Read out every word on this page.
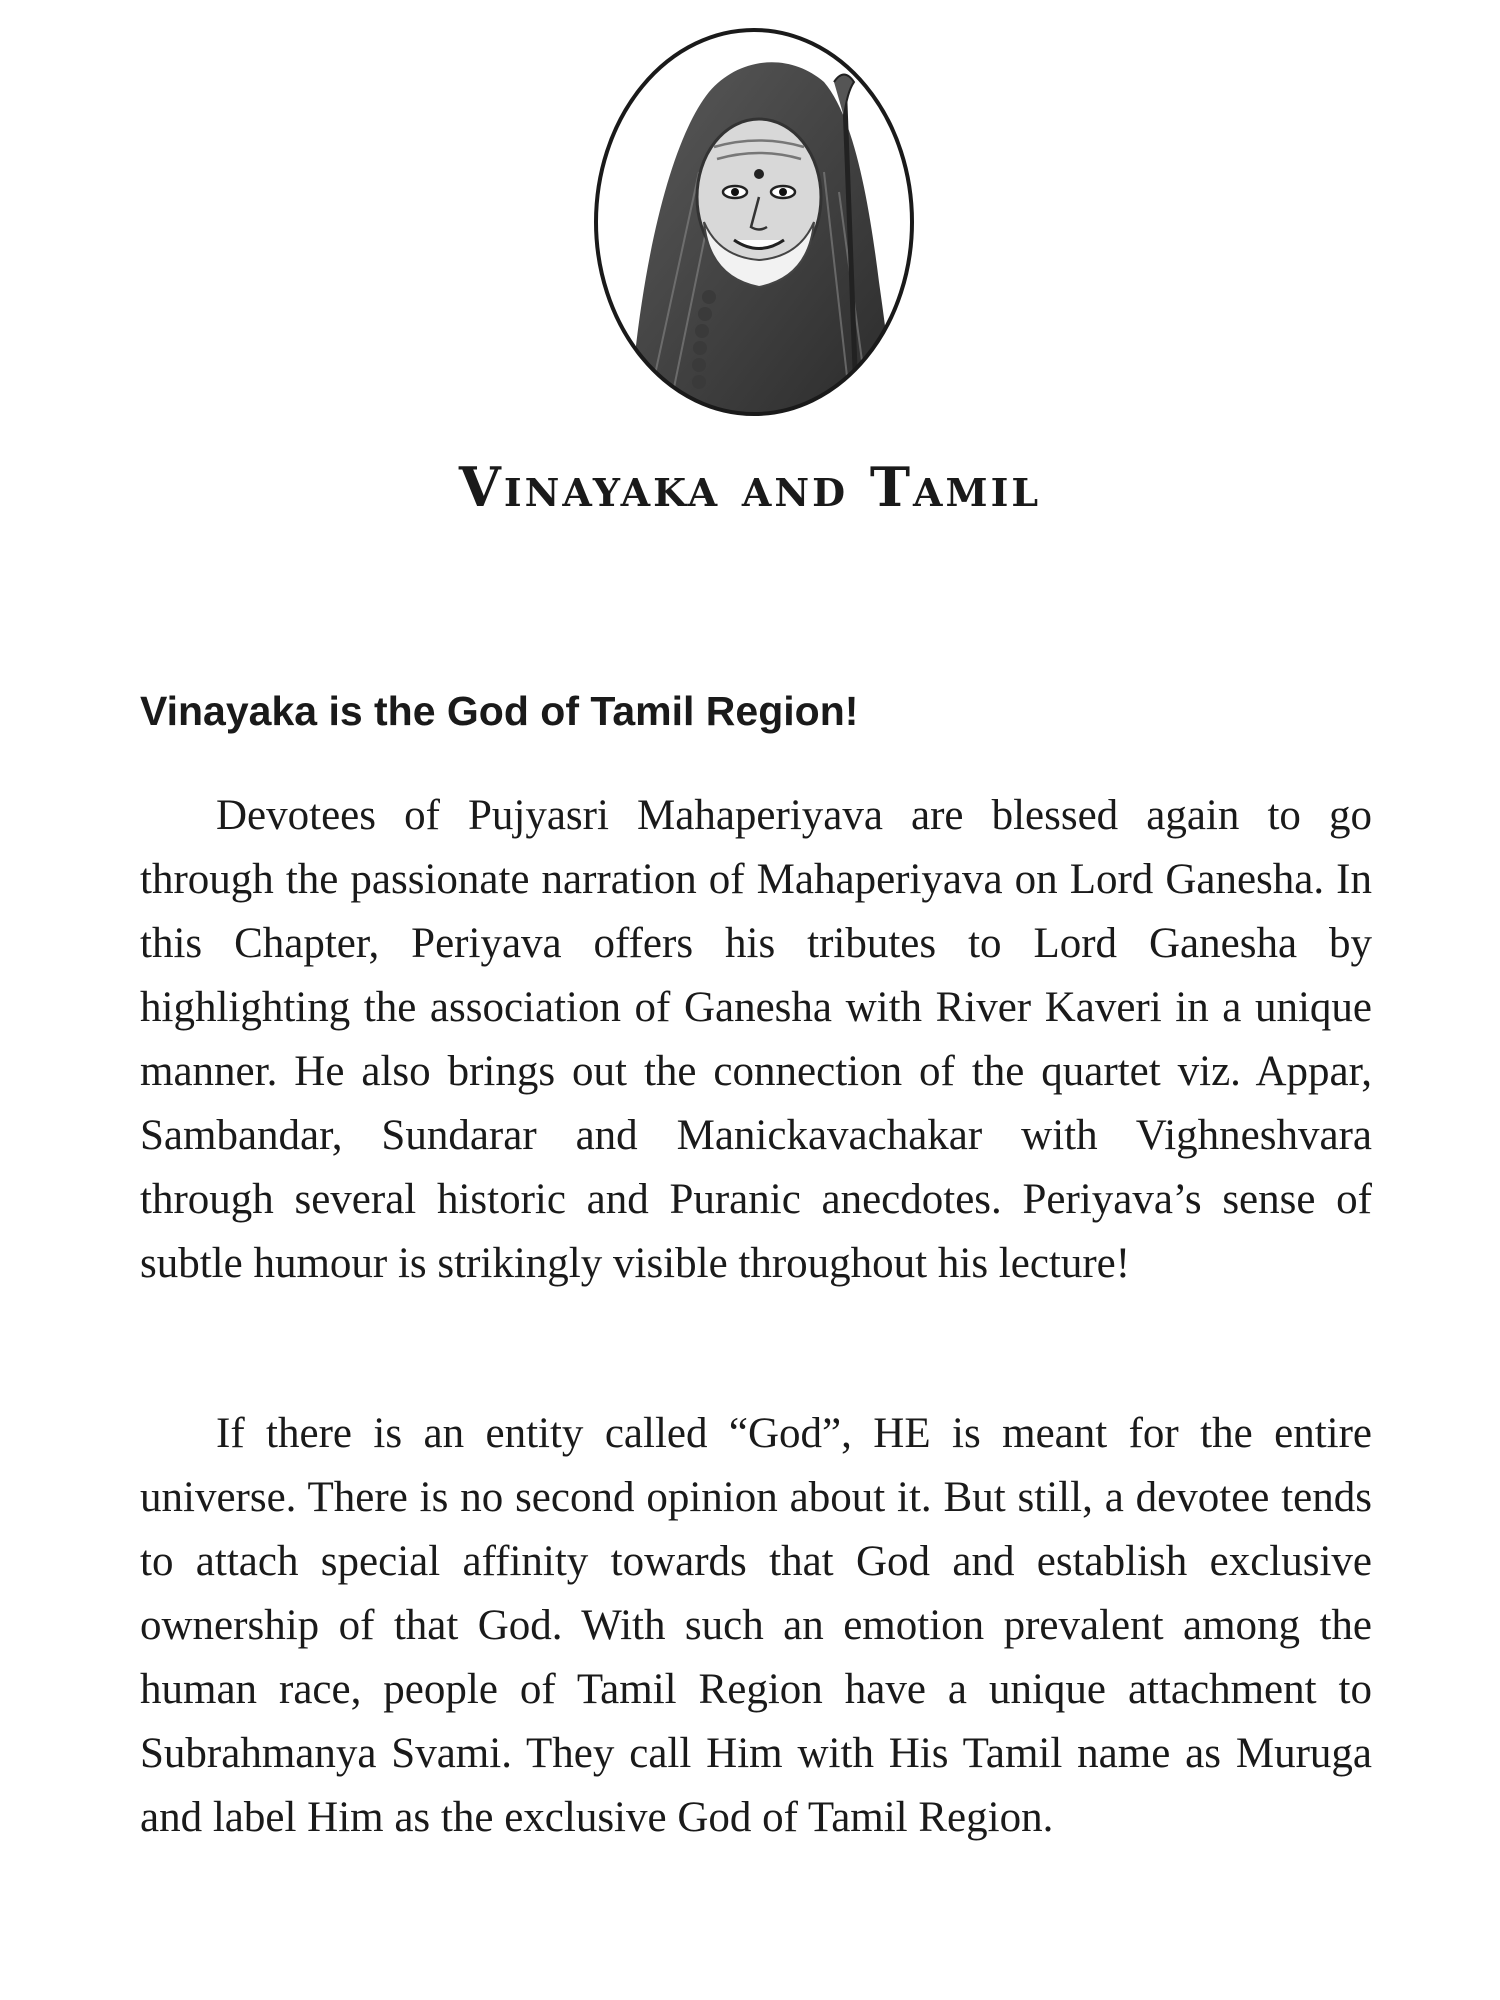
Vinayaka and Tamil
Vinayaka is the God of Tamil Region!

Devotees of Pujyasri Mahaperiyava are blessed again to go through the passionate narration of Mahaperiyava on Lord Ganesha. In this Chapter, Periyava offers his tributes to Lord Ganesha by highlighting the association of Ganesha with River Kaveri in a unique manner. He also brings out the connection of the quartet viz. Appar, Sambandar, Sundarar and Manickavachakar with Vighneshvara through several historic and Puranic anecdotes. Periyava’s sense of subtle humour is strikingly visible throughout his lecture!

If there is an entity called “God”, HE is meant for the entire universe. There is no second opinion about it. But still, a devotee tends to attach special affinity towards that God and establish exclusive ownership of that God. With such an emotion prevalent among the human race, people of Tamil Region have a unique attachment to Subrahmanya Svami. They call Him with His Tamil name as Muruga and label Him as the exclusive God of Tamil Region.
